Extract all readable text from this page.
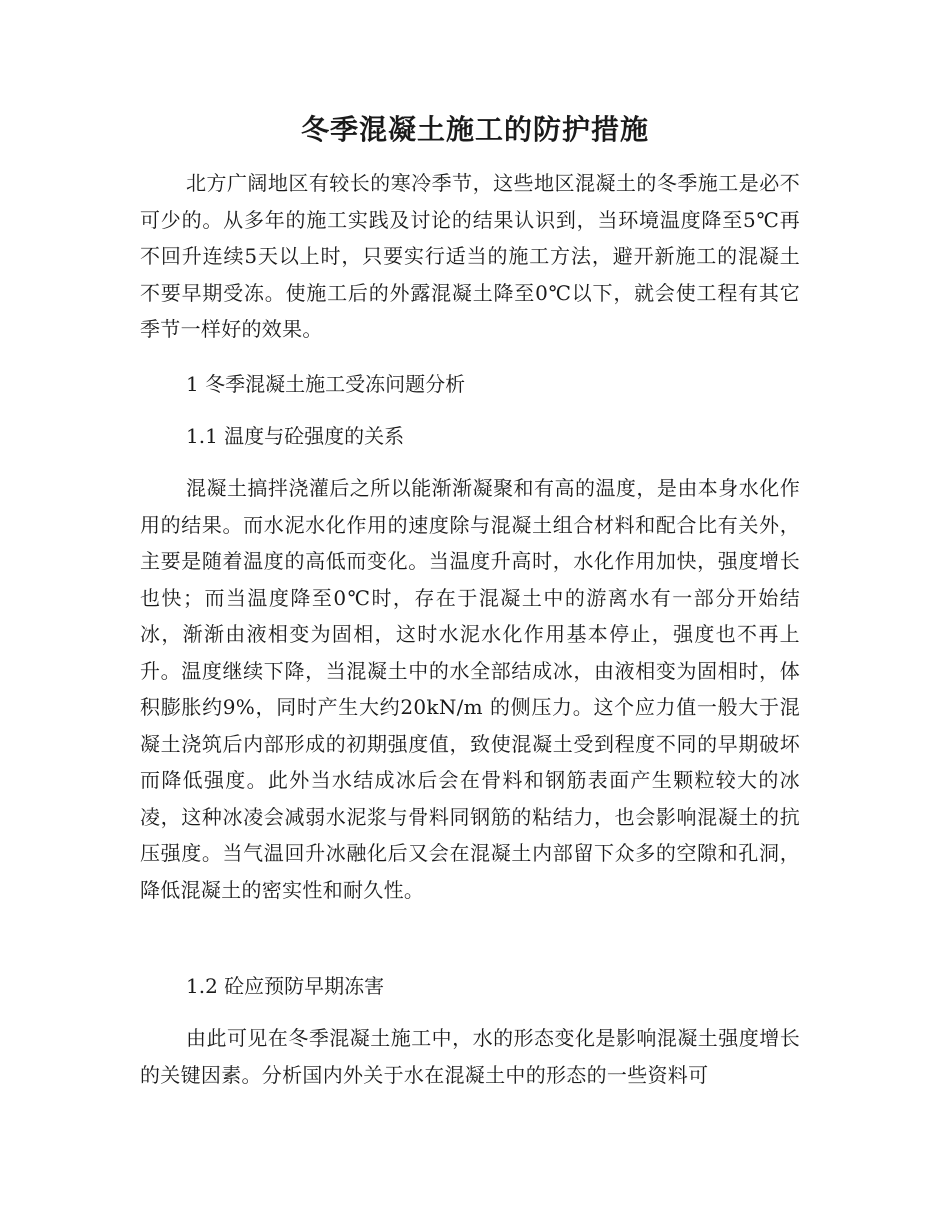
冬季混凝土施工的防护措施
北方广阔地区有较长的寒冷季节，这些地区混凝土的冬季施工是必不可少的。从多年的施工实践及讨论的结果认识到，当环境温度降至5℃再不回升连续5天以上时，只要实行适当的施工方法，避开新施工的混凝土不要早期受冻。使施工后的外露混凝土降至0℃以下，就会使工程有其它季节一样好的效果。
1 冬季混凝土施工受冻问题分析
1.1 温度与砼强度的关系
混凝土搞拌浇灌后之所以能渐渐凝聚和有高的温度，是由本身水化作用的结果。而水泥水化作用的速度除与混凝土组合材料和配合比有关外，主要是随着温度的高低而变化。当温度升高时，水化作用加快，强度增长也快；而当温度降至0℃时，存在于混凝土中的游离水有一部分开始结冰，渐渐由液相变为固相，这时水泥水化作用基本停止，强度也不再上升。温度继续下降，当混凝土中的水全部结成冰，由液相变为固相时，体积膨胀约9%，同时产生大约20kN/m 的侧压力。这个应力值一般大于混凝土浇筑后内部形成的初期强度值，致使混凝土受到程度不同的早期破坏而降低强度。此外当水结成冰后会在骨料和钢筋表面产生颗粒较大的冰凌，这种冰凌会减弱水泥浆与骨料同钢筋的粘结力，也会影响混凝土的抗压强度。当气温回升冰融化后又会在混凝土内部留下众多的空隙和孔洞，降低混凝土的密实性和耐久性。
1.2 砼应预防早期冻害
由此可见在冬季混凝土施工中，水的形态变化是影响混凝土强度增长的关键因素。分析国内外关于水在混凝土中的形态的一些资料可
